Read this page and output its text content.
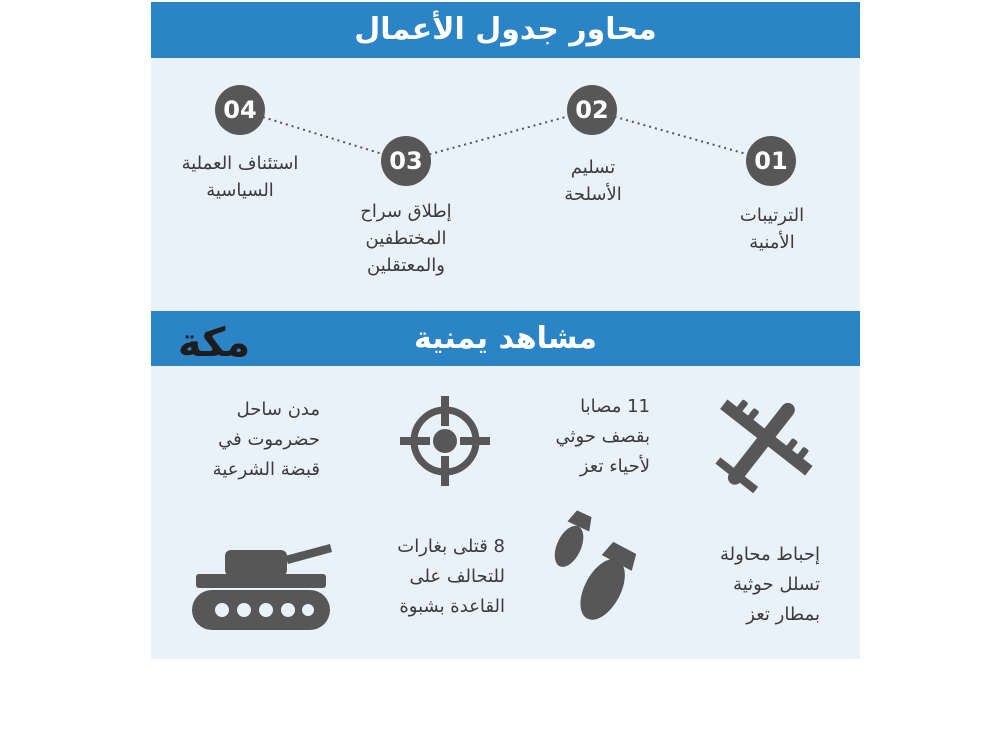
محاور جدول الأعمال
01
02
03
04
الترتيبات
الأمنية
تسليم
الأسلحة
إطلاق سراح
المختطفين
والمعتقلين
استئناف العملية
السياسية
مشاهد يمنية
مكة
11 مصابا
بقصف حوثي
لأحياء تعز
مدن ساحل
حضرموت في
قبضة الشرعية
إحباط محاولة
تسلل حوثية
بمطار تعز
8 قتلى بغارات
للتحالف على
القاعدة بشبوة
